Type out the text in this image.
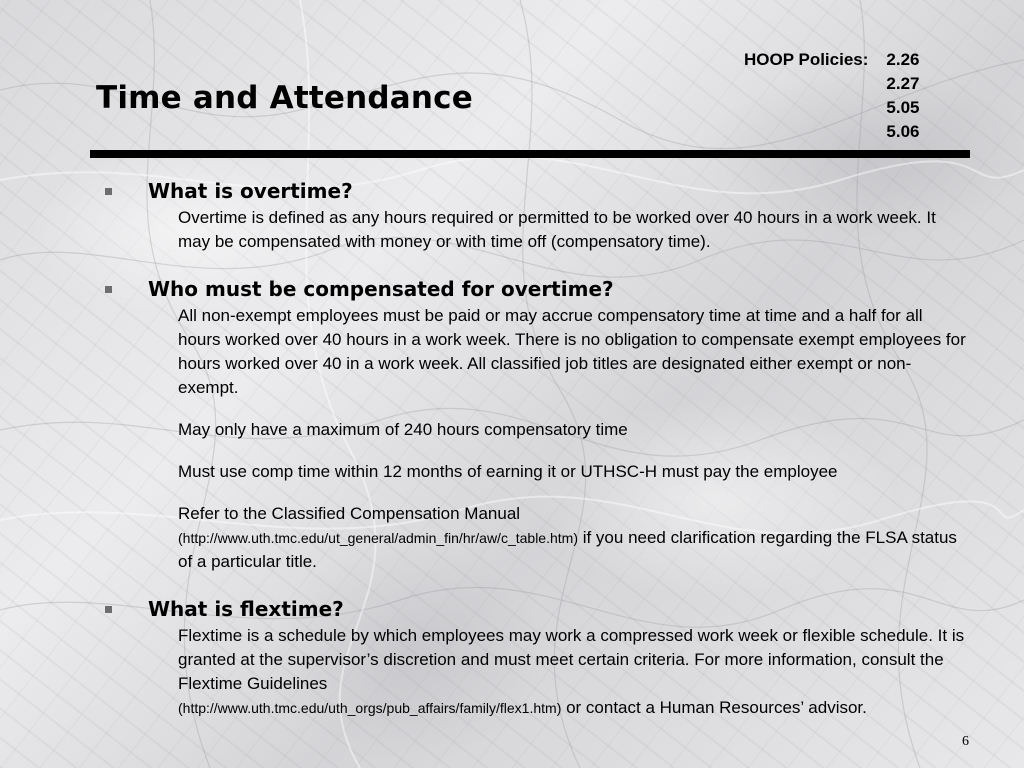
Time and Attendance
HOOP Policies: 2.26
2.27
5.05
5.06
What is overtime?
Overtime is defined as any hours required or permitted to be worked over 40 hours in a work week. It may be compensated with money or with time off (compensatory time).
Who must be compensated for overtime?
All non-exempt employees must be paid or may accrue compensatory time at time and a half for all hours worked over 40 hours in a work week. There is no obligation to compensate exempt employees for hours worked over 40 in a work week. All classified job titles are designated either exempt or non-exempt.
May only have a maximum of 240 hours compensatory time
Must use comp time within 12 months of earning it or UTHSC-H must pay the employee
Refer to the Classified Compensation Manual
(http://www.uth.tmc.edu/ut_general/admin_fin/hr/aw/c_table.htm) if you need clarification regarding the FLSA status of a particular title.
What is flextime?
Flextime is a schedule by which employees may work a compressed work week or flexible schedule. It is granted at the supervisor’s discretion and must meet certain criteria. For more information, consult the Flextime Guidelines
(http://www.uth.tmc.edu/uth_orgs/pub_affairs/family/flex1.htm) or contact a Human Resources’ advisor.
6
